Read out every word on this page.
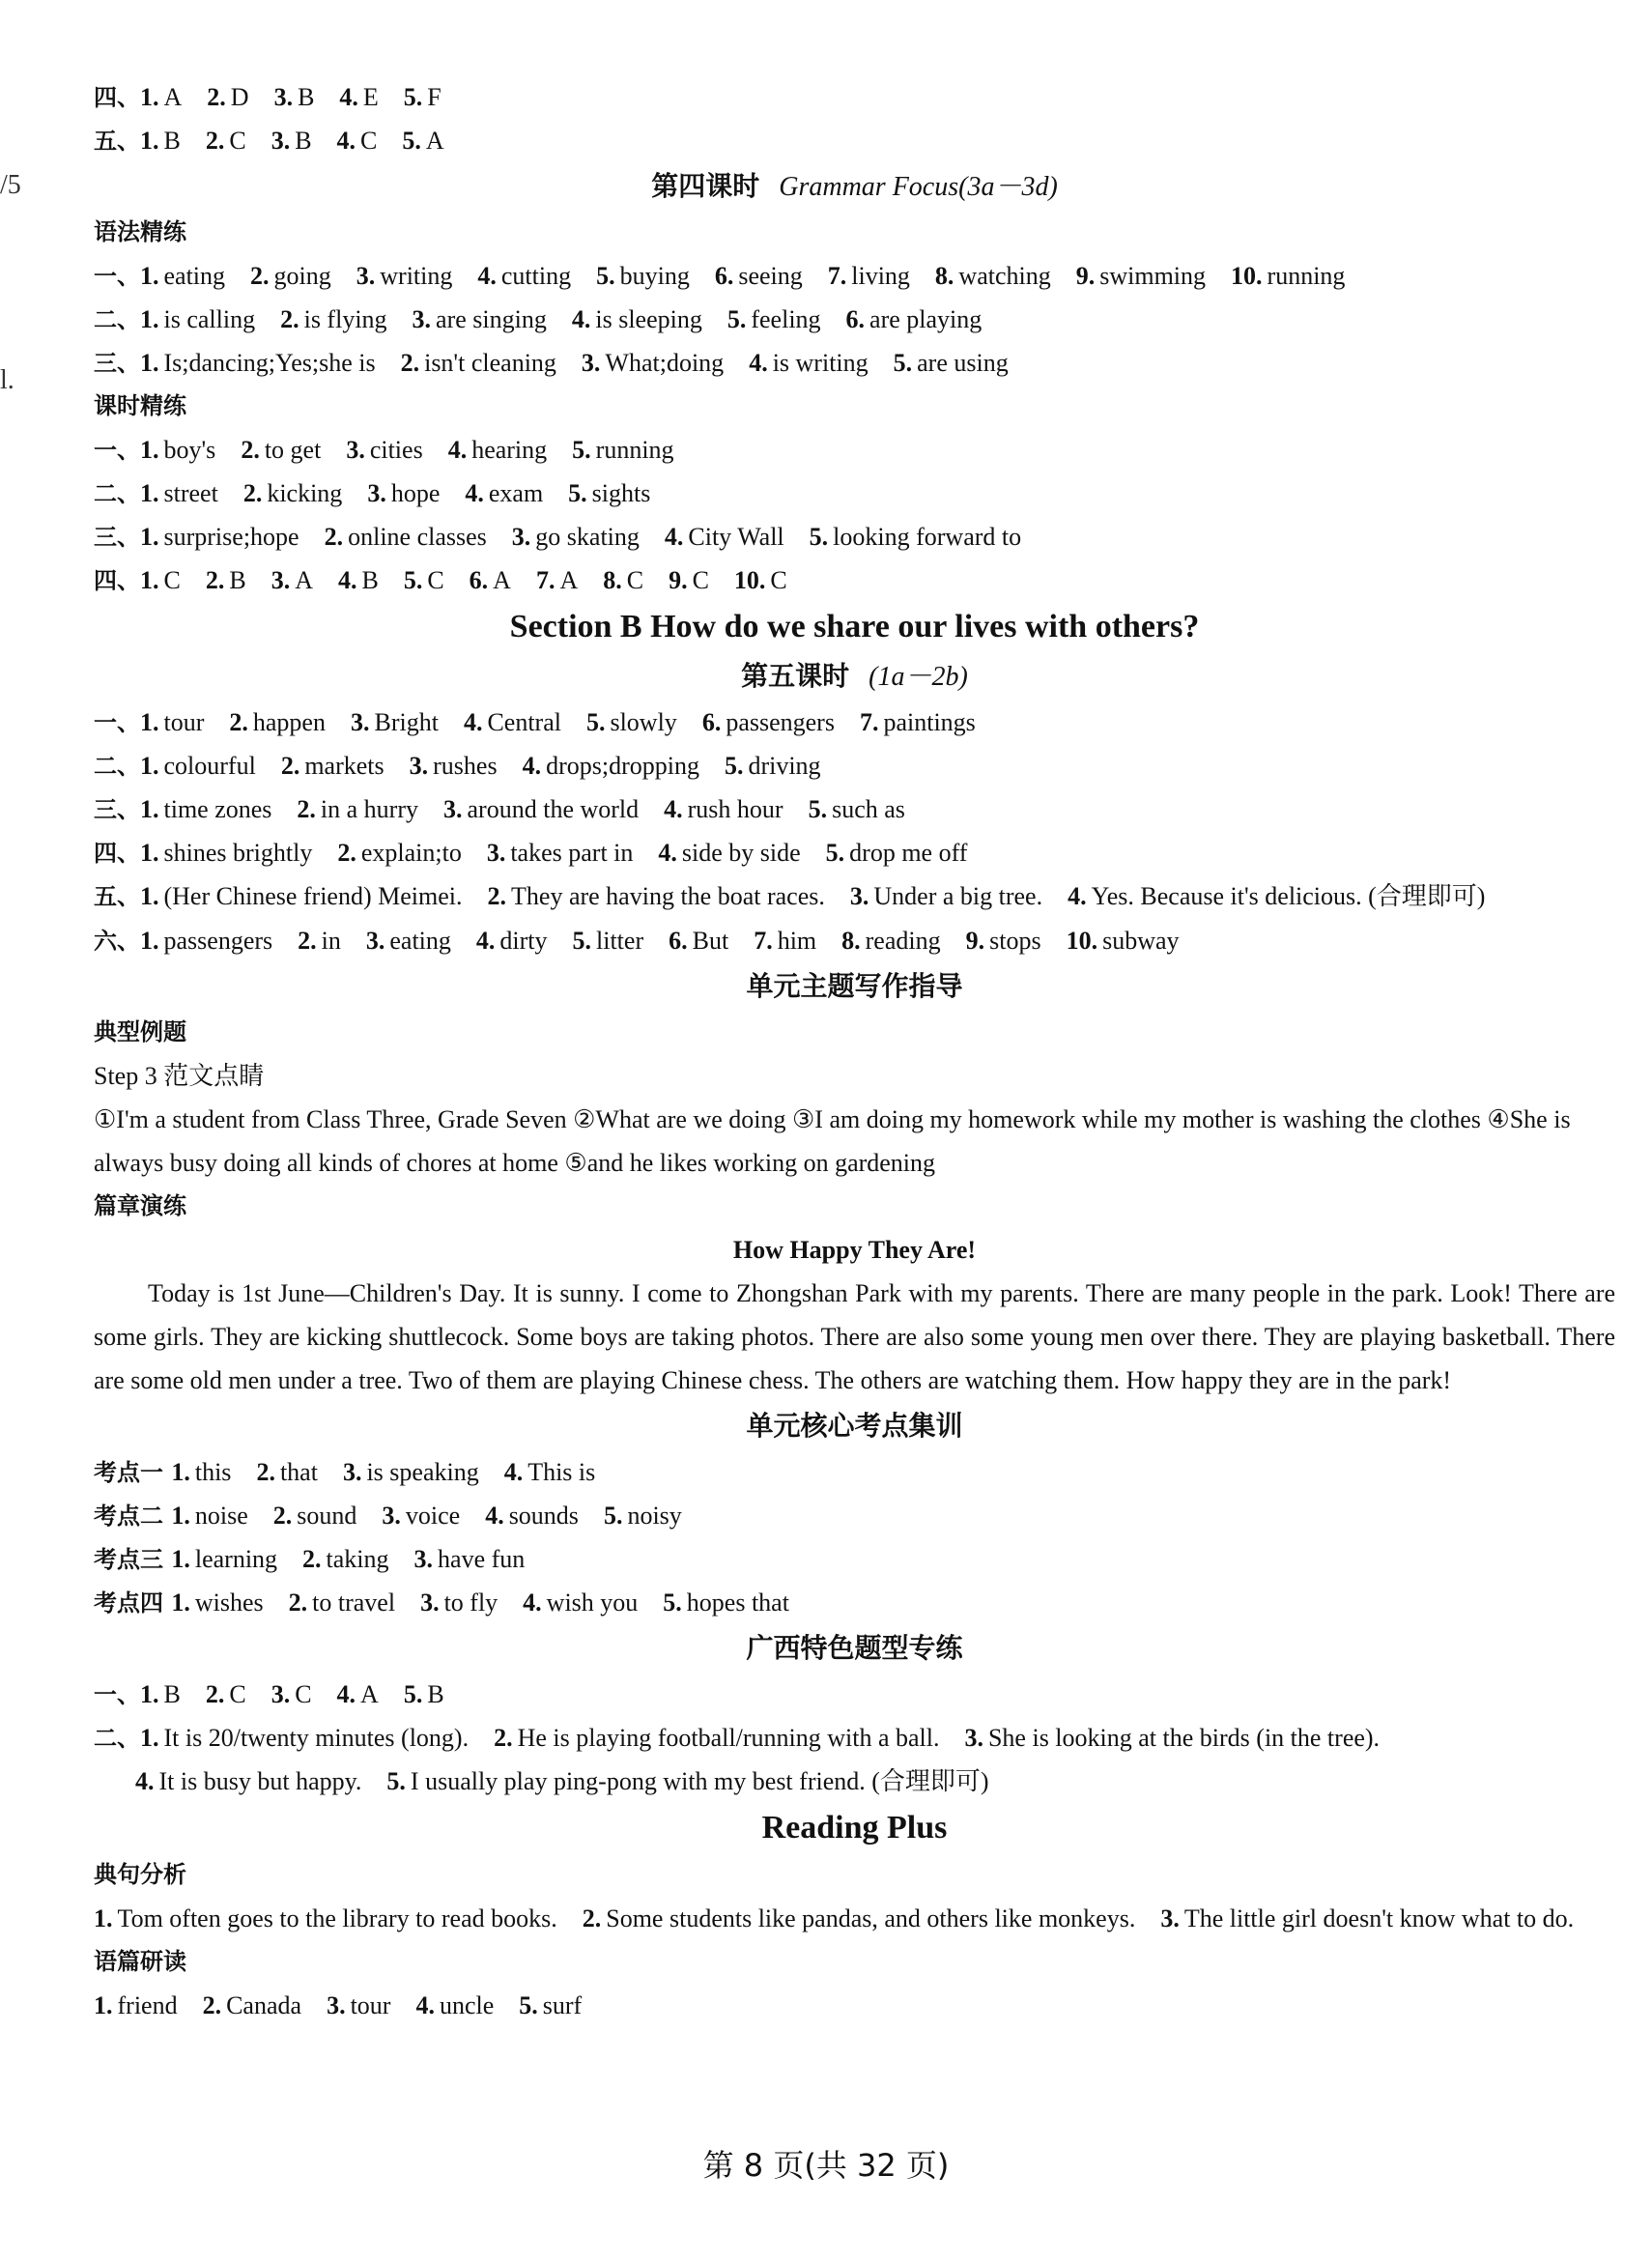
/5
l.
四、1. A 2. D 3. B 4. E 5. F
五、1. B 2. C 3. B 4. C 5. A
第四课时 Grammar Focus(3a－3d)
语法精练
一、1. eating 2. going 3. writing 4. cutting 5. buying 6. seeing 7. living 8. watching 9. swimming 10. running
二、1. is calling 2. is flying 3. are singing 4. is sleeping 5. feeling 6. are playing
三、1. Is;dancing;Yes;she is 2. isn't cleaning 3. What;doing 4. is writing 5. are using
课时精练
一、1. boy's 2. to get 3. cities 4. hearing 5. running
二、1. street 2. kicking 3. hope 4. exam 5. sights
三、1. surprise;hope 2. online classes 3. go skating 4. City Wall 5. looking forward to
四、1. C 2. B 3. A 4. B 5. C 6. A 7. A 8. C 9. C 10. C
Section B How do we share our lives with others?
第五课时 (1a－2b)
一、1. tour 2. happen 3. Bright 4. Central 5. slowly 6. passengers 7. paintings
二、1. colourful 2. markets 3. rushes 4. drops;dropping 5. driving
三、1. time zones 2. in a hurry 3. around the world 4. rush hour 5. such as
四、1. shines brightly 2. explain;to 3. takes part in 4. side by side 5. drop me off
五、1. (Her Chinese friend) Meimei. 2. They are having the boat races. 3. Under a big tree. 4. Yes. Because it's delicious. (合理即可)
六、1. passengers 2. in 3. eating 4. dirty 5. litter 6. But 7. him 8. reading 9. stops 10. subway
单元主题写作指导
典型例题
Step 3 范文点睛
①I'm a student from Class Three, Grade Seven ②What are we doing ③I am doing my homework while my mother is washing the clothes ④She is always busy doing all kinds of chores at home ⑤and he likes working on gardening
篇章演练
How Happy They Are!
Today is 1st June—Children's Day. It is sunny. I come to Zhongshan Park with my parents. There are many people in the park. Look! There are some girls. They are kicking shuttlecock. Some boys are taking photos. There are also some young men over there. They are playing basketball. There are some old men under a tree. Two of them are playing Chinese chess. The others are watching them. How happy they are in the park!
单元核心考点集训
考点一 1. this 2. that 3. is speaking 4. This is
考点二 1. noise 2. sound 3. voice 4. sounds 5. noisy
考点三 1. learning 2. taking 3. have fun
考点四 1. wishes 2. to travel 3. to fly 4. wish you 5. hopes that
广西特色题型专练
一、1. B 2. C 3. C 4. A 5. B
二、1. It is 20/twenty minutes (long). 2. He is playing football/running with a ball. 3. She is looking at the birds (in the tree).
4. It is busy but happy. 5. I usually play ping-pong with my best friend. (合理即可)
Reading Plus
典句分析
1. Tom often goes to the library to read books. 2. Some students like pandas, and others like monkeys. 3. The little girl doesn't know what to do.
语篇研读
1. friend 2. Canada 3. tour 4. uncle 5. surf
第 8 页(共 32 页)
